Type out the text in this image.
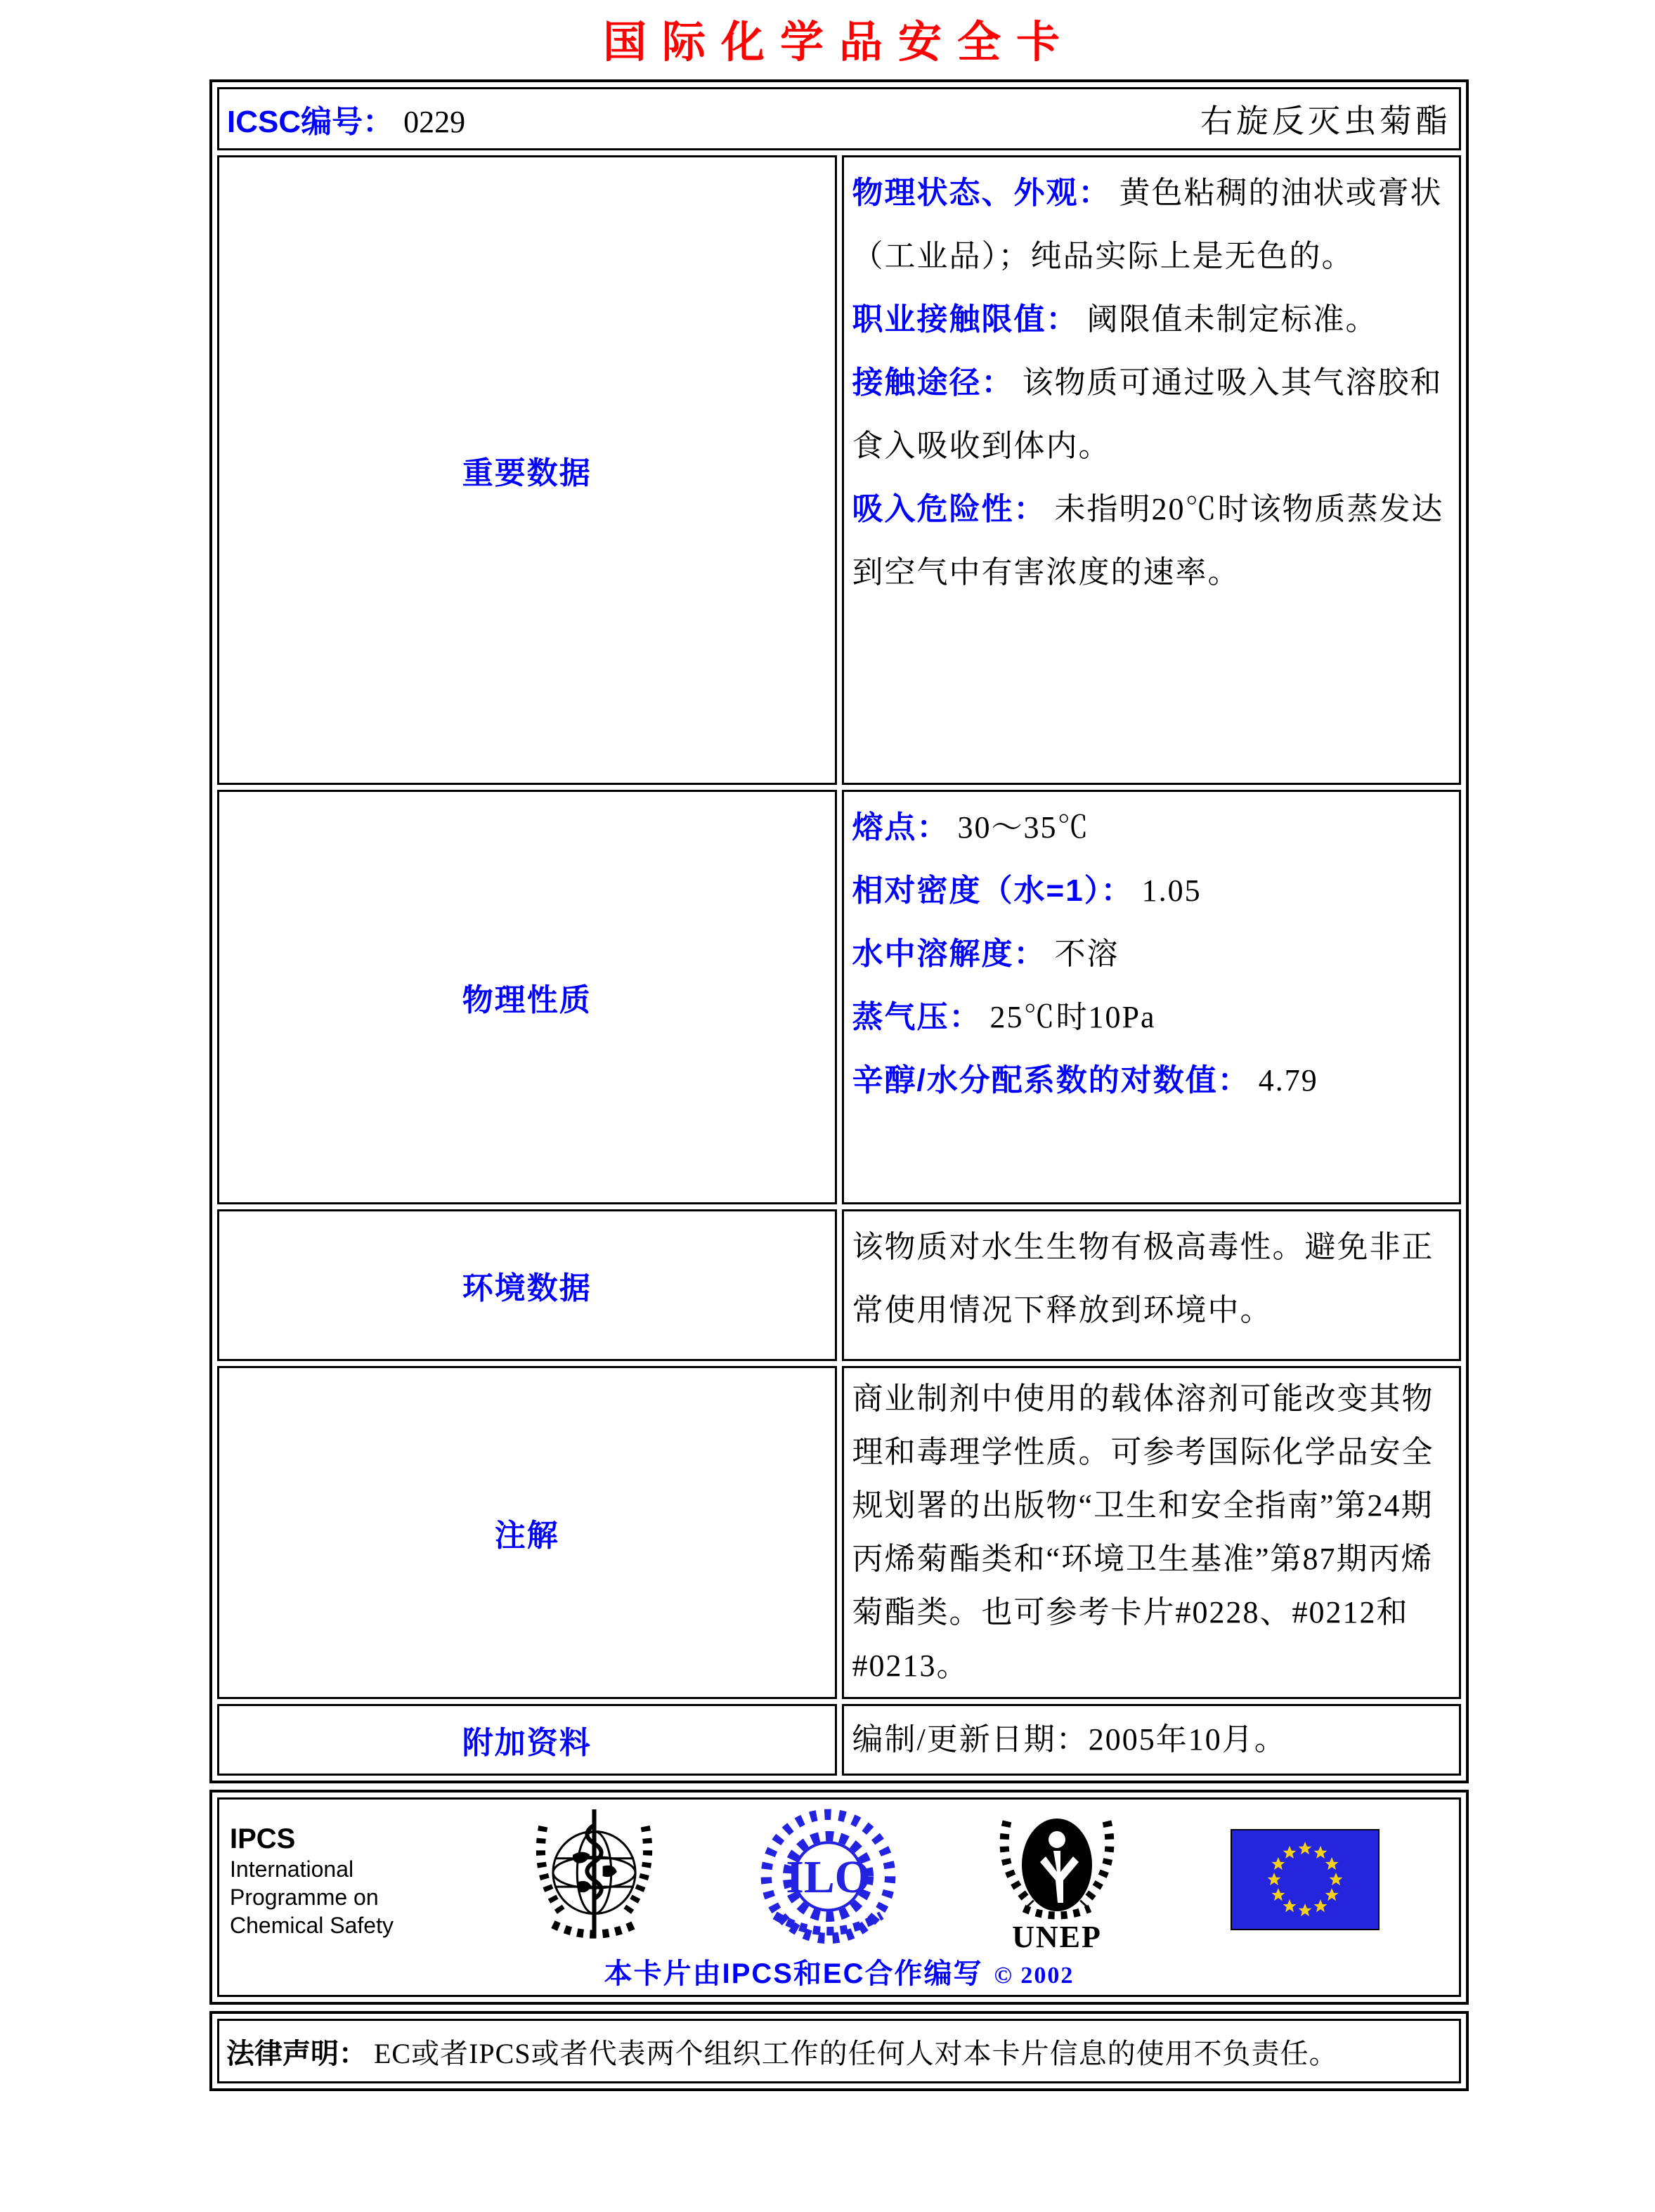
国际化学品安全卡
ICSC编号： 0229 右旋反灭虫菊酯	

重要数据	物理状态、外观： 黄色粘稠的油状或膏状（工业品）；纯品实际上是无色的。
职业接触限值： 阈限值未制定标准。
接触途径： 该物质可通过吸入其气溶胶和食入吸收到体内。
吸入危险性： 未指明20℃时该物质蒸发达到空气中有害浓度的速率。

物理性质	熔点： 30～35℃
相对密度（水=1）： 1.05
水中溶解度： 不溶
蒸气压： 25℃时10Pa
辛醇/水分配系数的对数值： 4.79

环境数据	该物质对水生生物有极高毒性。避免非正常使用情况下释放到环境中。
注解	商业制剂中使用的载体溶剂可能改变其物理和毒理学性质。可参考国际化学品安全规划署的出版物“卫生和安全指南”第24期丙烯菊酯类和“环境卫生基准”第87期丙烯菊酯类。也可参考卡片#0228、#0212和#0213。
附加资料	编制/更新日期：2005年10月。
IPCS
International
Programme on
Chemical Safety
ILO
UNEP
本卡片由IPCS和EC合作编写 © 2002
法律声明： EC或者IPCS或者代表两个组织工作的任何人对本卡片信息的使用不负责任。
